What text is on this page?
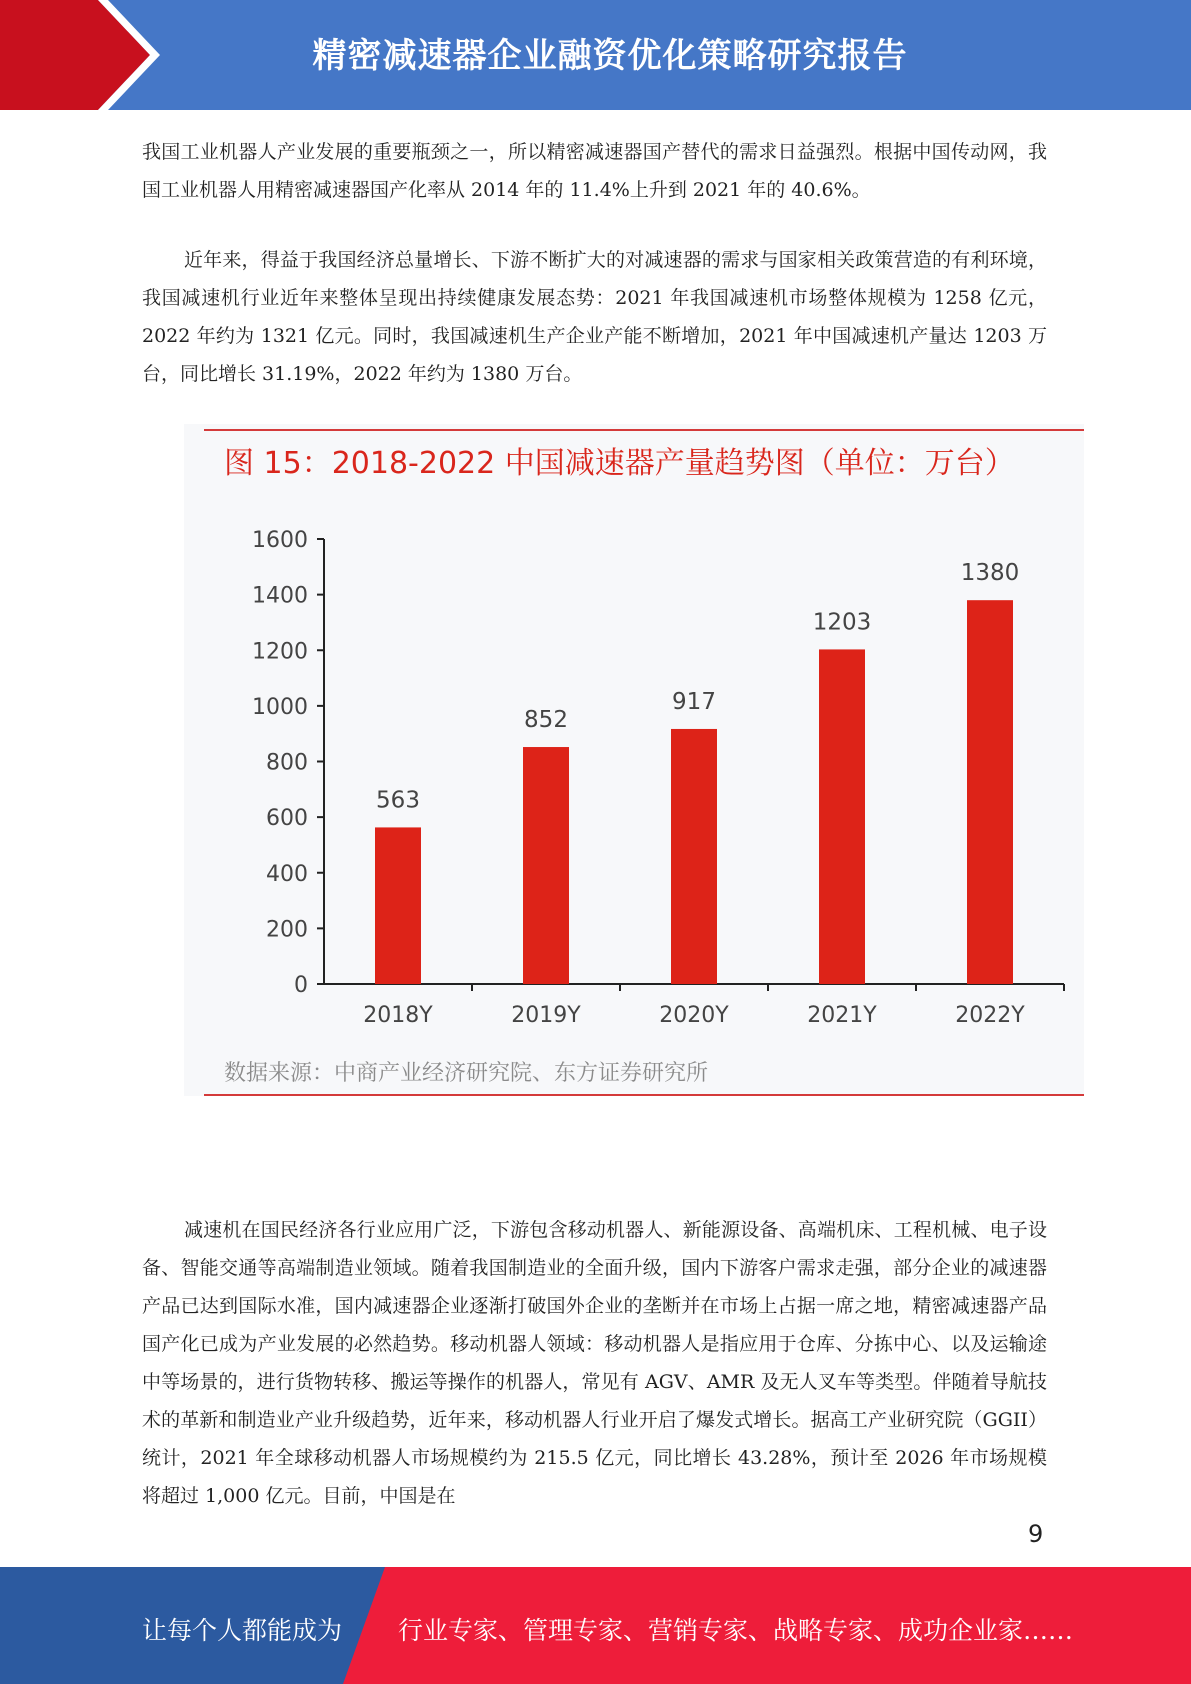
精密减速器企业融资优化策略研究报告

我国工业机器人产业发展的重要瓶颈之一，所以精密减速器国产替代的需求日益强烈。根据中国传动网，我国工业机器人用精密减速器国产化率从 2014 年的 11.4%上升到 2021 年的 40.6%。

近年来，得益于我国经济总量增长、下游不断扩大的对减速器的需求与国家相关政策营造的有利环境，我国减速机行业近年来整体呈现出持续健康发展态势：2021 年我国减速机市场整体规模为 1258 亿元，2022 年约为 1321 亿元。同时，我国减速机生产企业产能不断增加，2021 年中国减速机产量达 1203 万台，同比增长 31.19%，2022 年约为 1380 万台。

图 15：2018-2022 中国减速器产量趋势图（单位：万台）
0
200
400
600
800
1000
1200
1400
1600
563
2018Y
852
2019Y
917
2020Y
1203
2021Y
1380
2022Y
数据来源：中商产业经济研究院、东方证券研究所

减速机在国民经济各行业应用广泛，下游包含移动机器人、新能源设备、高端机床、工程机械、电子设备、智能交通等高端制造业领域。随着我国制造业的全面升级，国内下游客户需求走强，部分企业的减速器产品已达到国际水准，国内减速器企业逐渐打破国外企业的垄断并在市场上占据一席之地，精密减速器产品国产化已成为产业发展的必然趋势。移动机器人领域：移动机器人是指应用于仓库、分拣中心、以及运输途中等场景的，进行货物转移、搬运等操作的机器人，常见有 AGV、AMR 及无人叉车等类型。伴随着导航技术的革新和制造业产业升级趋势，近年来，移动机器人行业开启了爆发式增长。据高工产业研究院（GGII）统计，2021 年全球移动机器人市场规模约为 215.5 亿元，同比增长 43.28%，预计至 2026 年市场规模将超过 1,000 亿元。目前，中国是在

9
让每个人都能成为 行业专家、管理专家、营销专家、战略专家、成功企业家……
